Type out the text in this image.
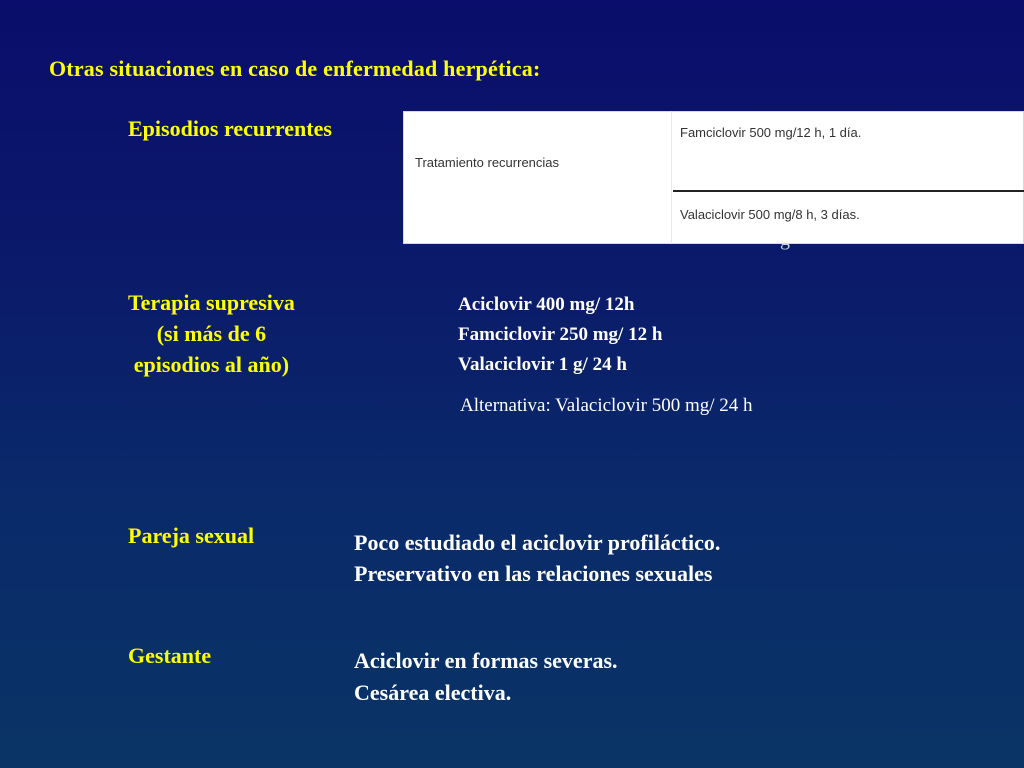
Otras situaciones en caso de enfermedad herpética:
Episodios recurrentes
Tratamiento recurrencias
Famciclovir 500 mg/12 h, 1 día.
Valaciclovir 500 mg/8 h, 3 días.
Terapia supresiva
(si más de 6
episodios al año)
Aciclovir 400 mg/ 12h
Famciclovir 250 mg/ 12 h
Valaciclovir 1 g/ 24 h
Alternativa: Valaciclovir 500 mg/ 24 h
Pareja sexual	Poco estudiado el aciclovir profiláctico.
Preservativo en las relaciones sexuales
Gestante	Aciclovir en formas severas.
Cesárea electiva.
